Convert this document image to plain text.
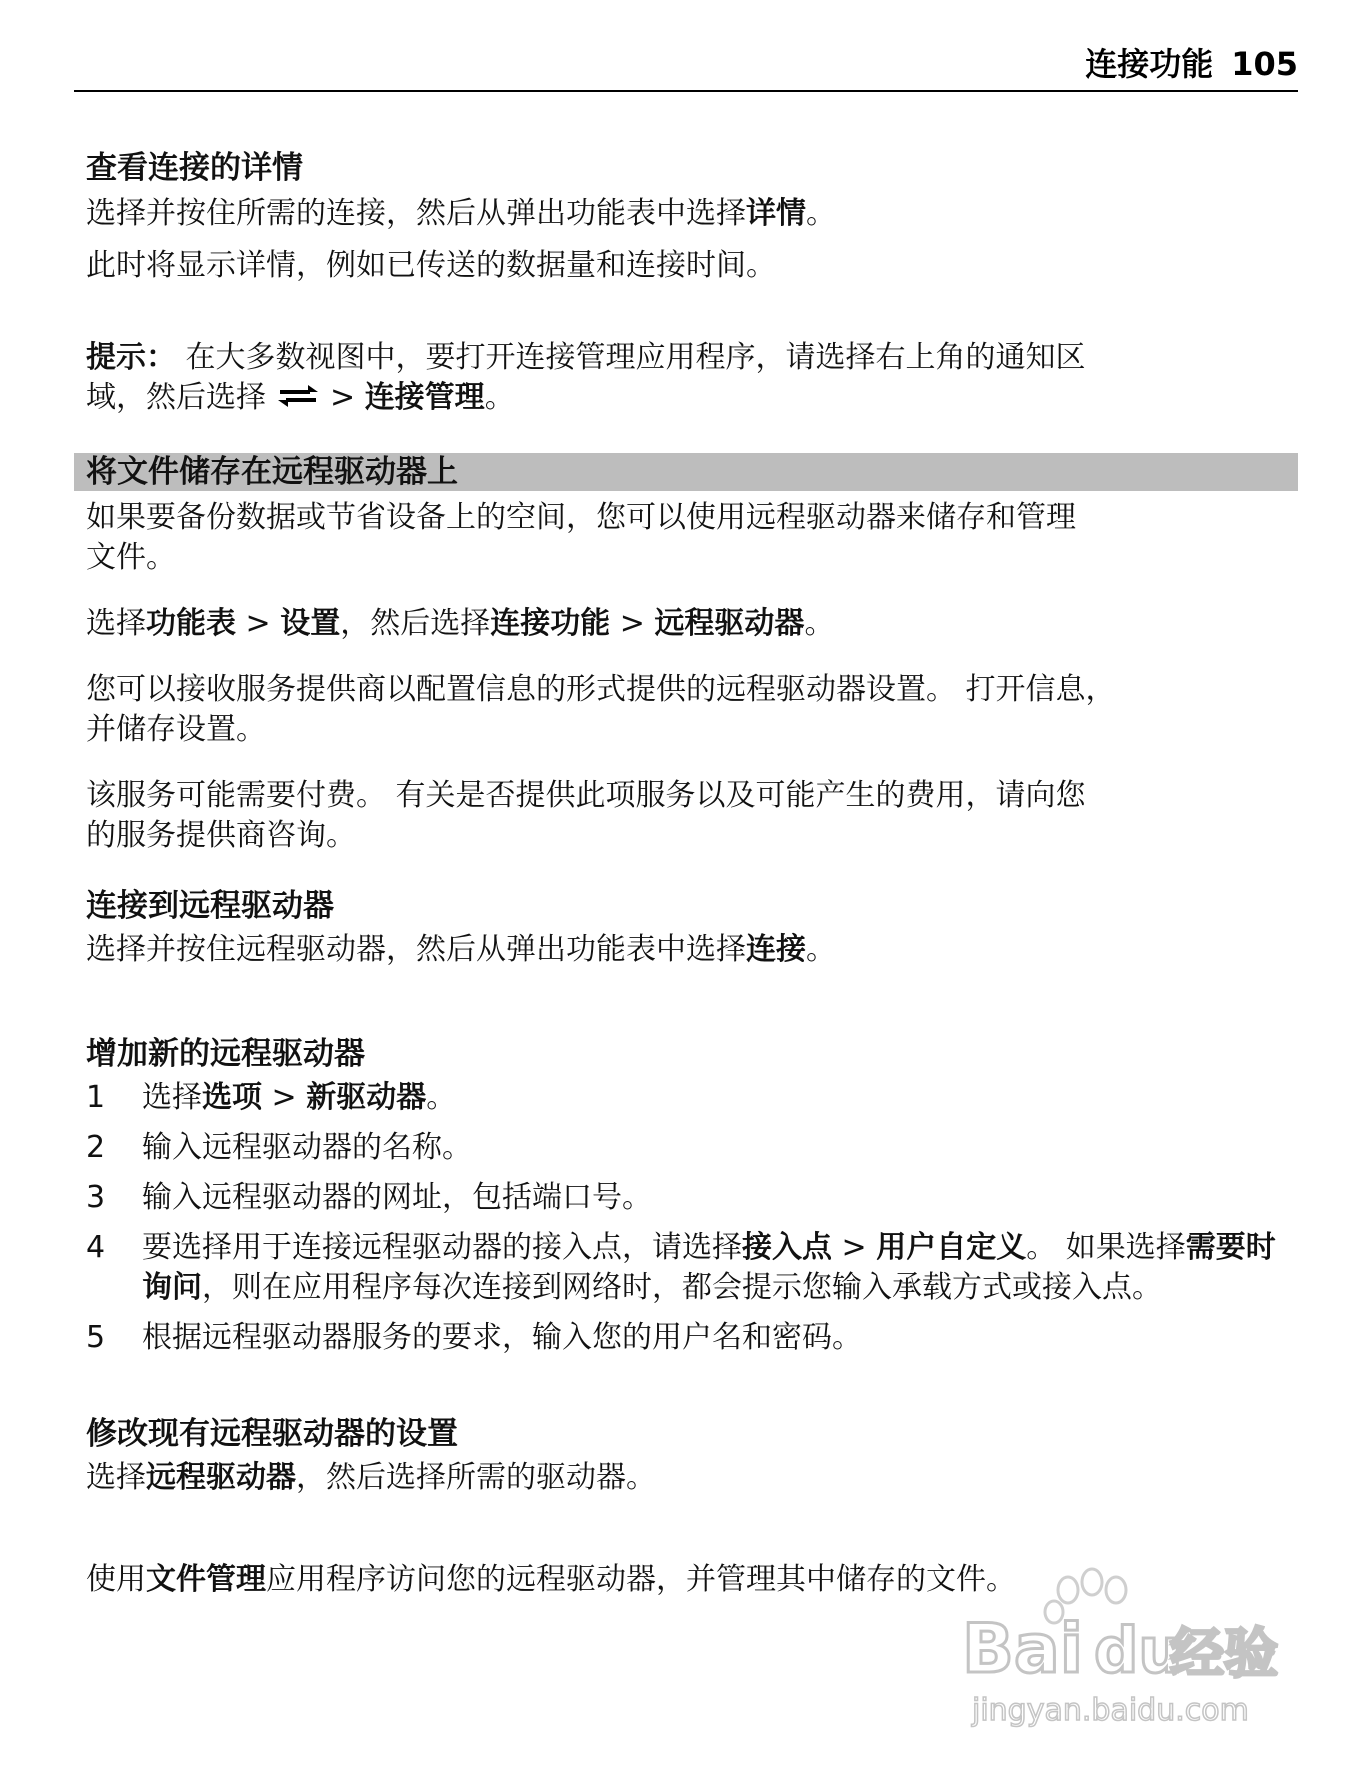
连接功能 105

查看连接的详情

选择并按住所需的连接，然后从弹出功能表中选择详情。

此时将显示详情，例如已传送的数据量和连接时间。

提示： 在大多数视图中，要打开连接管理应用程序，请选择右上角的通知区

域，然后选择 > 连接管理。

将文件储存在远程驱动器上

如果要备份数据或节省设备上的空间，您可以使用远程驱动器来储存和管理

文件。

选择功能表 > 设置，然后选择连接功能 > 远程驱动器。

您可以接收服务提供商以配置信息的形式提供的远程驱动器设置。 打开信息，

并储存设置。

该服务可能需要付费。 有关是否提供此项服务以及可能产生的费用，请向您

的服务提供商咨询。

连接到远程驱动器

选择并按住远程驱动器，然后从弹出功能表中选择连接。

增加新的远程驱动器

1	选择选项 > 新驱动器。
2	输入远程驱动器的名称。
3	输入远程驱动器的网址，包括端口号。
4	要选择用于连接远程驱动器的接入点，请选择接入点 > 用户自定义。 如果选择需要时询问，则在应用程序每次连接到网络时，都会提示您输入承载方式或接入点。
5	根据远程驱动器服务的要求，输入您的用户名和密码。

修改现有远程驱动器的设置

选择远程驱动器，然后选择所需的驱动器。

使用文件管理应用程序访问您的远程驱动器，并管理其中储存的文件。

Bai du
经验
jingyan.baidu.com
